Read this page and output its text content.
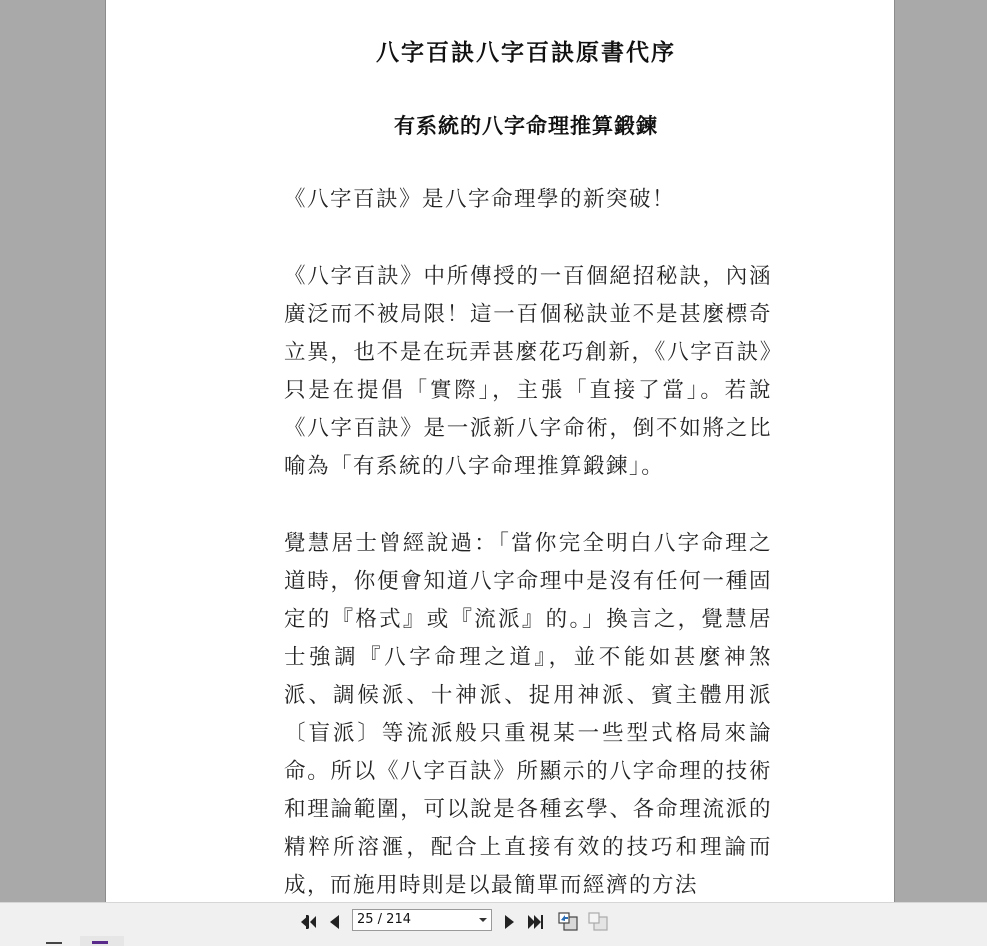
八字百訣八字百訣原書代序
有系統的八字命理推算鍛鍊

《八字百訣》是八字命理學的新突破！

《八字百訣》中所傳授的一百個絕招秘訣，內涵廣泛而不被局限！這一百個秘訣並不是甚麼標奇立異，也不是在玩弄甚麼花巧創新，《八字百訣》只是在提倡「實際」，主張「直接了當」。若說《八字百訣》是一派新八字命術，倒不如將之比喻為「有系統的八字命理推算鍛鍊」。

覺慧居士曾經說過：「當你完全明白八字命理之道時，你便會知道八字命理中是沒有任何一種固定的『格式』或『流派』的。」換言之，覺慧居士強調『八字命理之道』，並不能如甚麼神煞派、調候派、十神派、捉用神派、賓主體用派〔盲派〕等流派般只重視某一些型式格局來論命。所以《八字百訣》所顯示的八字命理的技術和理論範圍，可以說是各種玄學、各命理流派的精粹所溶滙，配合上直接有效的技巧和理論而成，而施用時則是以最簡單而經濟的方法

25 / 214
